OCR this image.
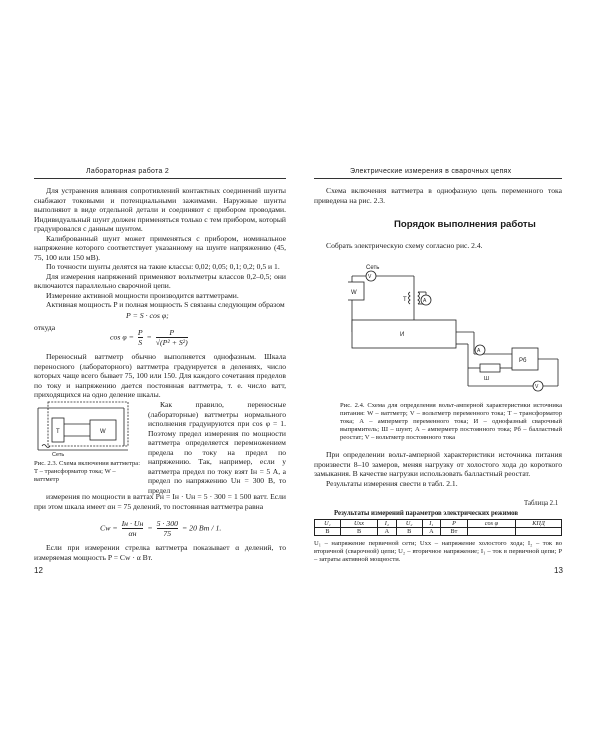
Лабораторная работа 2

Для устранения влияния сопротивлений контактных соединений шунты снабжают токовыми и потенциальными зажимами. Наружные шунты выполняют в виде отдельной детали и соединяют с прибором проводами. Индивидуальный шунт должен применяться только с тем прибором, который градуировался с данным шунтом.

Калиброванный шунт может применяться с прибором, номинальное напряжение которого соответствует указанному на шунте напряжению (45, 75, 100 или 150 мВ).

По точности шунты делятся на такие классы: 0,02; 0,05; 0,1; 0,2; 0,5 и 1.

Для измерения напряжений применяют вольтметры классов 0,2–0,5; они включаются параллельно сварочной цепи.

Измерение активной мощности производится ваттметрами.

Активная мощность P и полная мощность S связаны следующим образом

P = S · cos φ;

откуда

$\cos \varphi = \frac{P}{S} = \frac{P}{\text{√(P² + S²)}}$

Переносный ваттметр обычно выполняется однофазным. Шкала переносного (лабораторного) ваттметра градуируется в делениях, число которых чаще всего бывает 75, 100 или 150. Для каждого сочетания пределов по току и напряжению дается постоянная ваттметра, т. е. число ватт, приходящихся на одно деление шкалы.

Т	W
Сеть
Рис. 2.3. Схема включения ваттметра: Т – трансформатор тока; W – ваттметр

Как правило, переносные (лабораторные) ваттметры нормального исполнения градуируются при cos φ = 1. Поэтому предел измерения по мощности ваттметра определяется перемножением предела по току на предел по напряжению. Так, например, если у ваттметра предел по току взят Iн = 5 А, а предел по напряжению Uн = 300 В, то предел

измерения по мощности в ваттах Pн = Iн · Uн = 5 · 300 = 1 500 ватт. Если при этом шкала имеет αн = 75 делений, то постоянная ваттметра равна

$Cw = \frac{Iн \cdot Uн}{\alpha н} = \frac{5 \cdot 300}{75} = 20$ Вт / 1.

Если при измерении стрелка ваттметра показывает α делений, то измеряемая мощность P = Cw · α Вт.

12
Электрические измерения в сварочных цепях

Схема включения ваттметра в однофазную цепь переменного тока приведена на рис. 2.3.

Порядок выполнения работы

Собрать электрическую схему согласно рис. 2.4.

Сеть
V
W
Т	А
И
А
Ш
Рб
V
Рис. 2.4. Схема для определения вольт-амперной характеристики источника питания: W – ваттметр; V – вольтметр переменного тока; Т – трансформатор тока; А – амперметр переменного тока; И – однофазный сварочный выпрямитель; Ш – шунт; А – амперметр постоянного тока; Рб – балластный реостат; V – вольтметр постоянного тока

При определении вольт-амперной характеристики источника питания произвести 8–10 замеров, меняя нагрузку от холостого хода до короткого замыкания. В качестве нагрузки использовать балластный реостат.

Результаты измерения свести в табл. 2.1.

Таблица 2.1
Результаты измерений параметров электрических режимов
U₁	Uxx	I₂	U₂	I₁	P	cos φ	КПД
В	В	А	В	А	Вт		
U₁ – напряжение первичной сети; Uxx – напряжение холостого хода; I₂ – ток во вторичной (сварочной) цепи; U₂ – вторичное напряжение; I₁ – ток в первичной цепи; P – затраты активной мощности.
13
